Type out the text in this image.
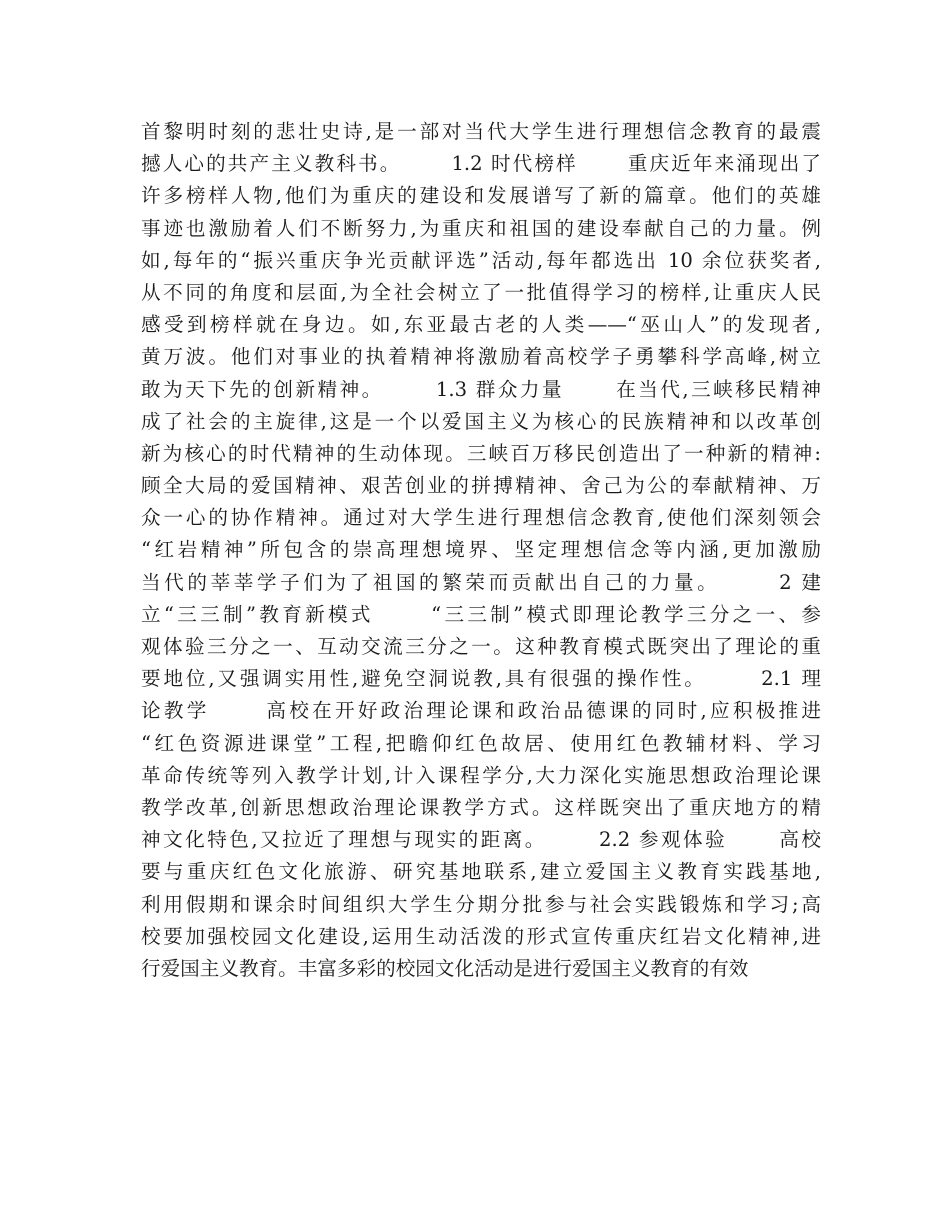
首黎明时刻的悲壮史诗,是一部对当代大学生进行理想信念教育的最震
撼人心的共产主义教科书。      1.2 时代榜样      重庆近年来涌现出了
许多榜样人物,他们为重庆的建设和发展谱写了新的篇章。他们的英雄
事迹也激励着人们不断努力,为重庆和祖国的建设奉献自己的力量。例
如,每年的“振兴重庆争光贡献评选”活动,每年都选出 10 余位获奖者,
从不同的角度和层面,为全社会树立了一批值得学习的榜样,让重庆人民
感受到榜样就在身边。如,东亚最古老的人类——“巫山人”的发现者,
黄万波。他们对事业的执着精神将激励着高校学子勇攀科学高峰,树立
敢为天下先的创新精神。      1.3 群众力量      在当代,三峡移民精神
成了社会的主旋律,这是一个以爱国主义为核心的民族精神和以改革创
新为核心的时代精神的生动体现。三峡百万移民创造出了一种新的精神:
顾全大局的爱国精神、艰苦创业的拼搏精神、舍己为公的奉献精神、万
众一心的协作精神。通过对大学生进行理想信念教育,使他们深刻领会
“红岩精神”所包含的崇高理想境界、坚定理想信念等内涵,更加激励
当代的莘莘学子们为了祖国的繁荣而贡献出自己的力量。      2 建
立“三三制”教育新模式      “三三制”模式即理论教学三分之一、参
观体验三分之一、互动交流三分之一。这种教育模式既突出了理论的重
要地位,又强调实用性,避免空洞说教,具有很强的操作性。      2.1 理
论教学      高校在开好政治理论课和政治品德课的同时,应积极推进
“红色资源进课堂”工程,把瞻仰红色故居、使用红色教辅材料、学习
革命传统等列入教学计划,计入课程学分,大力深化实施思想政治理论课
教学改革,创新思想政治理论课教学方式。这样既突出了重庆地方的精
神文化特色,又拉近了理想与现实的距离。      2.2 参观体验      高校
要与重庆红色文化旅游、研究基地联系,建立爱国主义教育实践基地,
利用假期和课余时间组织大学生分期分批参与社会实践锻炼和学习;高
校要加强校园文化建设,运用生动活泼的形式宣传重庆红岩文化精神,进
行爱国主义教育。丰富多彩的校园文化活动是进行爱国主义教育的有效
